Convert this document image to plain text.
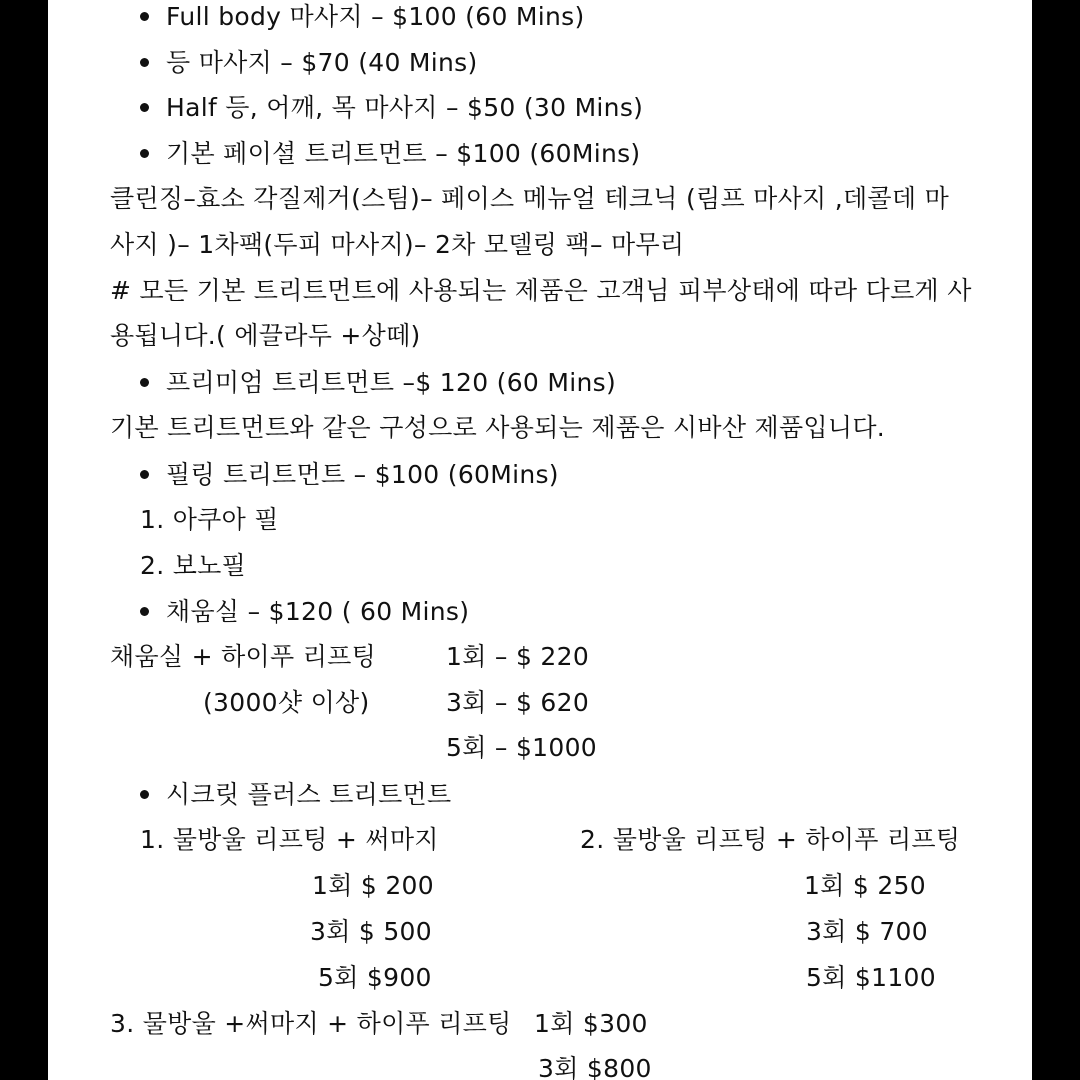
Full body 마사지 – $100 (60 Mins)
등 마사지 – $70 (40 Mins)
Half 등, 어깨, 목 마사지 – $50 (30 Mins)
기본 페이셜 트리트먼트 – $100 (60Mins)
클린징–효소 각질제거(스팀)– 페이스 메뉴얼 테크닉 (림프 마사지 ,데콜데 마
사지 )– 1차팩(두피 마사지)– 2차 모델링 팩– 마무리
# 모든 기본 트리트먼트에 사용되는 제품은 고객님 피부상태에 따라 다르게 사
용됩니다.( 에끌라두 +상떼)
프리미엄 트리트먼트 –$ 120 (60 Mins)
기본 트리트먼트와 같은 구성으로 사용되는 제품은 시바산 제품입니다.
필링 트리트먼트 – $100 (60Mins)
1. 아쿠아 필
2. 보노필
채움실 – $120 ( 60 Mins)
채움실 + 하이푸 리프팅
(3000샷 이상)
1회 – $ 220
3회 – $ 620
5회 – $1000
시크릿 플러스 트리트먼트
1. 물방울 리프팅 + 써마지
1회 $ 200
3회 $ 500
5회 $900
2. 물방울 리프팅 + 하이푸 리프팅
1회 $ 250
3회 $ 700
5회 $1100
3. 물방울 +써마지 + 하이푸 리프팅 1회 $300
3회 $800
